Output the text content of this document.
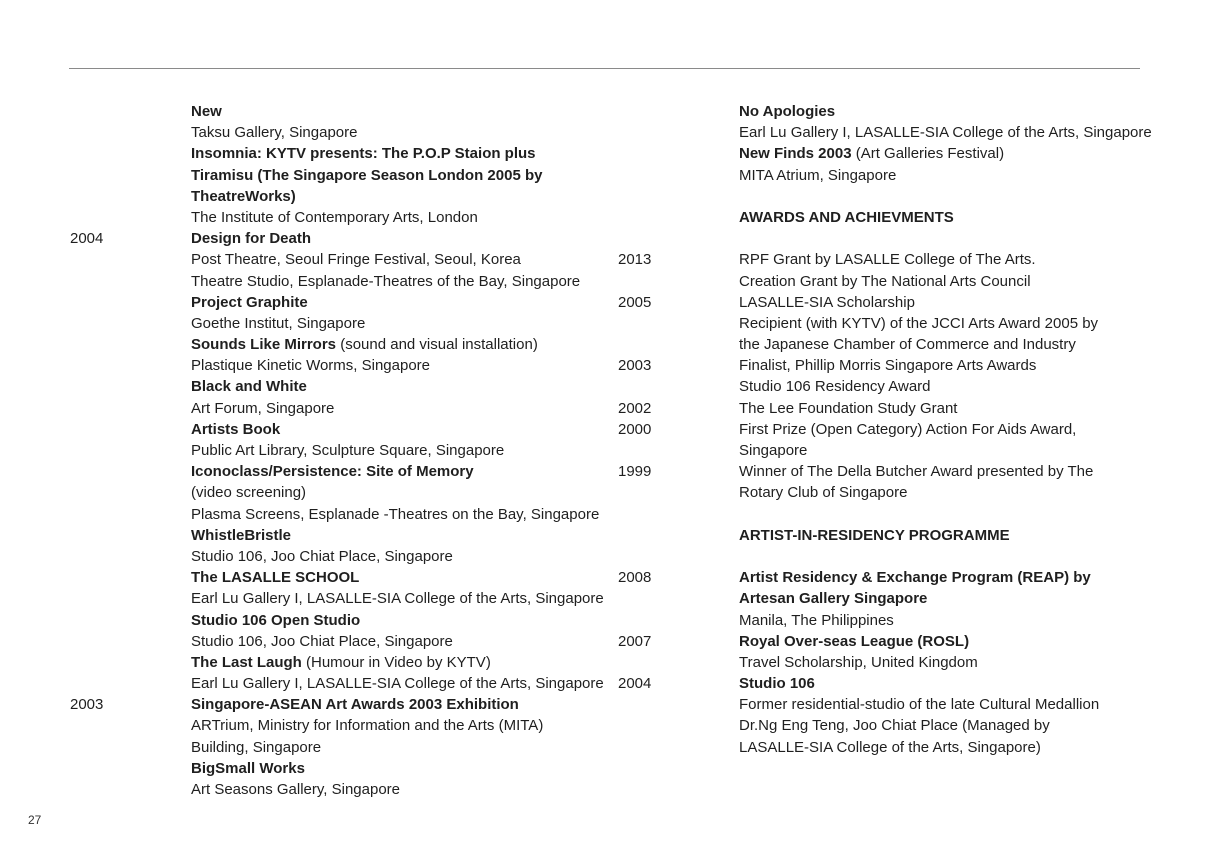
New
Taksu Gallery, Singapore
Insomnia: KYTV presents: The P.O.P Staion plus
Tiramisu (The Singapore Season London 2005 by
TheatreWorks)
The Institute of Contemporary Arts, London
2004	Design for Death
Post Theatre, Seoul Fringe Festival, Seoul, Korea
Theatre Studio, Esplanade-Theatres of the Bay, Singapore
Project Graphite
Goethe Institut, Singapore
Sounds Like Mirrors (sound and visual installation)
Plastique Kinetic Worms, Singapore
Black and White
Art Forum, Singapore
Artists Book
Public Art Library, Sculpture Square, Singapore
Iconoclass/Persistence: Site of Memory
(video screening)
Plasma Screens, Esplanade -Theatres on the Bay, Singapore
WhistleBristle
Studio 106, Joo Chiat Place, Singapore
The LASALLE SCHOOL
Earl Lu Gallery I, LASALLE-SIA College of the Arts, Singapore
Studio 106 Open Studio
Studio 106, Joo Chiat Place, Singapore
The Last Laugh (Humour in Video by KYTV)
Earl Lu Gallery I, LASALLE-SIA College of the Arts, Singapore
2003	Singapore-ASEAN Art Awards 2003 Exhibition
ARTrium, Ministry for Information and the Arts (MITA)
Building, Singapore
BigSmall Works
Art Seasons Gallery, Singapore
No Apologies
Earl Lu Gallery I, LASALLE-SIA College of the Arts, Singapore
New Finds 2003 (Art Galleries Festival)
MITA Atrium, Singapore
AWARDS AND ACHIEVMENTS
2013	RPF Grant by LASALLE College of The Arts.
Creation Grant by The National Arts Council
2005	LASALLE-SIA Scholarship
Recipient (with KYTV) of the JCCI Arts Award 2005 by
the Japanese Chamber of Commerce and Industry
2003	Finalist, Phillip Morris Singapore Arts Awards
Studio 106 Residency Award
2002	The Lee Foundation Study Grant
2000	First Prize (Open Category) Action For Aids Award,
Singapore
1999	Winner of The Della Butcher Award presented by The
Rotary Club of Singapore
ARTIST-IN-RESIDENCY PROGRAMME
2008	Artist Residency & Exchange Program (REAP) by
Artesan Gallery Singapore
Manila, The Philippines
2007	Royal Over-seas League (ROSL)
Travel Scholarship, United Kingdom
2004	Studio 106
Former residential-studio of the late Cultural Medallion
Dr.Ng Eng Teng, Joo Chiat Place (Managed by
LASALLE-SIA College of the Arts, Singapore)
27
